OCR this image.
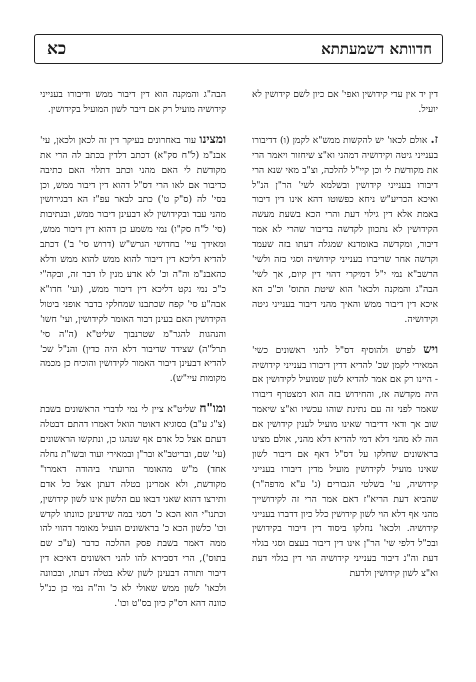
חדוותא דשמעתתא
כא

דין יד אין עדי קידושין ואפי' אם כיון לשם קידושין לא יועיל.

ז. אולם לכאו' יש להקשות ממש"א לקמן (ו) דדיבורו בענייני גיטה וקידושיה דמהני וא"צ שיחזור ויאמר הרי את מקודשת לי וכן קיי"ל להלכה, וצ"ב מאי שנא הרי דיבורו בענייני קידושין ובשלמא לשי' הר"ן הנ"ל ואיכא הכריע"ש ניחא כפשוטו דהא אינו דין דיבור באמת אלא דין גילוי דעת והרי הכא בשעת מעשה הקידושין לא נתכוון לקדשה בדיבור שהרי לא אמר דיבור, ומקדשה באומדנא שמגלה דעתו בזה שעמד וקדשה אחר שדיברו בענייני קידושיה וסגי בזה ולשי' הרשב"א נמי י"ל דמיקרי דהוי דין קיום, אך לשי' הבה"ג והמקנה ולכאו' הוא שיטת התוס' וכ"כ הא איכא דין דיבור ממש והאיך מהני דיבור בענייני גיטה וקידושיה.

ויש לפרש ולהוסיף דס"ל להני ראשונים כשי' המאירי לקמן שכ' להדיא דדין דיבורו בענייני קידושיה - היינו רק אם אמר להדיא לשון שמועיל לקידושין אם היה מקדשה אז, והחידוש בזה הוא דמצטרף דיבורו שאמר לפני זה עם נתינת שוהו עכשיו וא"צ שיאמר שוב אך ודאי דדיבור שאינו מועיל לענין קידושין אם הוה לא מהני דלא דמי להדיא דלא מהני, אולם מצינו בראשונים שחלקו על דס"ל דאף אם דיבור לשון שאינו מועיל לקידושין מועיל מדין דיבורו בענייני קידושיה, עי' בשלטי הגבורים (ג' ע"א מדפה"ר) שהביא דעת הריא"ז דאם אמר הרי זה לקידושייך מהני אף דלא הוי לשון קידושין כלל כיון דדברו בענייני קידושיה. ולכאו' נחלקו ביסוד דין דיבור בקידושין ובכ"ל דלפי שי' הר"ן אינו דין דיבור בעצם וסגי בגלוי דעת וה"נ דיבור בענייני קידושיה הוי דין בגלוי דעת וא"צ לשון קידושין ולדעת

הבה"ג והמקנה הוא דין דיבור ממש ודיבורו בענייני קידושיה מועיל רק אם דיבר לשון המועיל בקידושין.

ומצינו עוד באחרונים בעיקר דין זה לכאן ולכאן, עי' אבנ"מ (ל"ח סק"א) דכתב דלדין בכתב לה הרי את מקודשת לי האם מהני וכתב דתלוי האם כתיבה כדיבור אם לאו הרי דס"ל דהוא דין דיבור ממש, וכן בסי' לה (ס"ק ט') כתב לבאר עפ"ז הא דבגירושין מהני עבד ובקידושין לא דבעינן דיבור ממש, ובנתיבות (סי' ל"ח סק"ו) נמי משמע כן דהוא דין דיבור ממש, ומאידך עיי' בחדושי הגרש"ש (דרוש סי' ב') דכתב להדיא דליכא דין דיבור להוא ממש להוא ממש ודלא כהאבנ"מ וה"ה וכ' לא אדע מנין לו דבר זה, ובקה"י כ"כ נמי נקט דליכא דין דיבור ממש, (ועי' חדו"א אבה"ע סי' קפח שכתבנו שמחלקי בדבר אופני ביטול הקידושין האם בעינן דבור האומר לקידושין, ועי' חשו' והנהגות להגר"מ שטרנבוך שליט"א (ה"ה סי' תרל"ה) שצידד שדיבור דלא היה כדין) והנ"ל שכ' להדיא דבעינן דיבור האמור לקידושין והוכיח כן מכמה מקומות עיי"ש).

ומו"ח שליט"א ציין לי נמי לדברי הראשונים בשבת (צ"ג ע"ב) בסוגיא דאוטר הואל דאמרו דהתם דבטלה דעתם אצל כל אדם אף שנהגו כן, ונתקשו הראשונים (עי' שם, ובריטב"א ובר"ן ובמאירי ועוד ובשו"ת נחלה אחד) מ"ש מהאומר הרועתי ביהודה דאמרו" מקודשת, ולא אמרינן בטלה דעתן אצל כל אדם ותירצו דהוא שאני דבאו עם הלשון אינו לשון קידושין, וכתנו"י הוא הכא כ' דסגי במה שידעינן כוונתו לקדש וכו' כלשון הכא כ' בראשונים הועיל מאומר דהווי להו ממה דאמר בשבת פסק ההלכה כדבר (ע"כ שם בתוס'), הרי דסבירא להו להני ראשונים דאיכא דין דיבור ותורה דבעינן לשון שלא בטלה דעתו, ובכוונה ולכאו' לשון ממש שאולי לא כ' וה"ה נמי כן כנ"ל כוונה דהא דס"ק כיון בס"ט וכו'.
